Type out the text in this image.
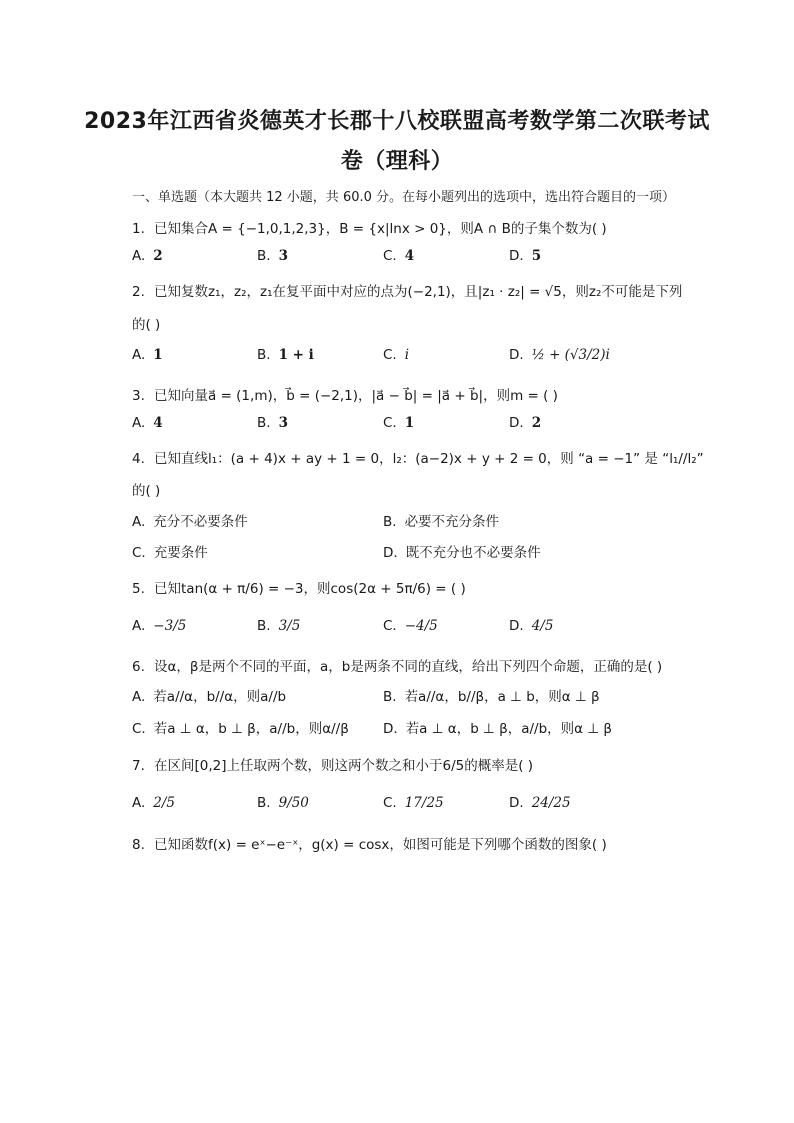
2023年江西省炎德英才长郡十八校联盟高考数学第二次联考试
卷（理科）
一、单选题（本大题共 12 小题，共 60.0 分。在每小题列出的选项中，选出符合题目的一项）
1. 已知集合A = {−1,0,1,2,3}，B = {x|lnx > 0}，则A ∩ B的子集个数为( )
A. 2	B. 3	C. 4	D. 5
2. 已知复数z₁，z₂，z₁在复平面中对应的点为(−2,1)，且|z₁ · z₂| = √5，则z₂不可能是下列
的( )
A. 1	B. 1 + i	C. i	D. ½ + (√3/2)i
3. 已知向量a⃗ = (1,m)，b⃗ = (−2,1)，|a⃗ − b⃗| = |a⃗ + b⃗|，则m = ( )
A. 4	B. 3	C. 1	D. 2
4. 已知直线l₁：(a + 4)x + ay + 1 = 0，l₂：(a−2)x + y + 2 = 0，则 “a = −1” 是 “l₁//l₂”
的( )
A. 充分不必要条件	B. 必要不充分条件
C. 充要条件	D. 既不充分也不必要条件
5. 已知tan(α + π/6) = −3，则cos(2α + 5π/6) = ( )
A. −3/5	B. 3/5	C. −4/5	D. 4/5
6. 设α，β是两个不同的平面，a，b是两条不同的直线，给出下列四个命题，正确的是( )
A. 若a//α，b//α，则a//b	B. 若a//α，b//β，a ⊥ b，则α ⊥ β
C. 若a ⊥ α，b ⊥ β，a//b，则α//β	D. 若a ⊥ α，b ⊥ β，a//b，则α ⊥ β
7. 在区间[0,2]上任取两个数，则这两个数之和小于6/5的概率是( )
A. 2/5	B. 9/50	C. 17/25	D. 24/25
8. 已知函数f(x) = eˣ−e⁻ˣ，g(x) = cosx，如图可能是下列哪个函数的图象( )
